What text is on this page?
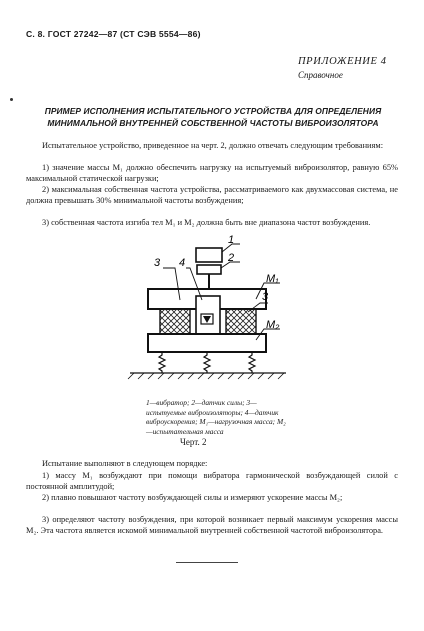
С. 8. ГОСТ 27242—87 (СТ СЭВ 5554—86)
ПРИЛОЖЕНИЕ 4
Справочное
ПРИМЕР ИСПОЛНЕНИЯ ИСПЫТАТЕЛЬНОГО УСТРОЙСТВА ДЛЯ ОПРЕДЕЛЕНИЯ
МИНИМАЛЬНОЙ ВНУТРЕННЕЙ СОБСТВЕННОЙ ЧАСТОТЫ ВИБРОИЗОЛЯТОРА
Испытательное устройство, приведенное на черт. 2, должно отвечать следующим требованиям:
1) значение массы M₁ должно обеспечить нагрузку на испытуемый виброизолятор, равную 65% максимальной статической нагрузки;
2) максимальная собственная частота устройства, рассматриваемого как двухмассовая система, не должна превышать 30% минимальной частоты возбуждения;
3) собственная частота изгиба тел M₁ и M₂ должна быть вне диапазона частот возбуждения.
1
2
3 4
M₁
3
M₂
1—вибратор; 2—датчик силы; 3—испытуемые виброизоляторы; 4—датчик виброускорения; M₁—нагрузочная масса; M₂—испытательная масса
Черт. 2
Испытание выполняют в следующем порядке:
1) массу M₁ возбуждают при помощи вибратора гармонической возбуждающей силой с постоянной амплитудой;
2) плавно повышают частоту возбуждающей силы и измеряют ускорение массы M₂;
3) определяют частоту возбуждения, при которой возникает первый максимум ускорения массы M₂. Эта частота является искомой минимальной внутренней собственной частотой виброизолятора.
